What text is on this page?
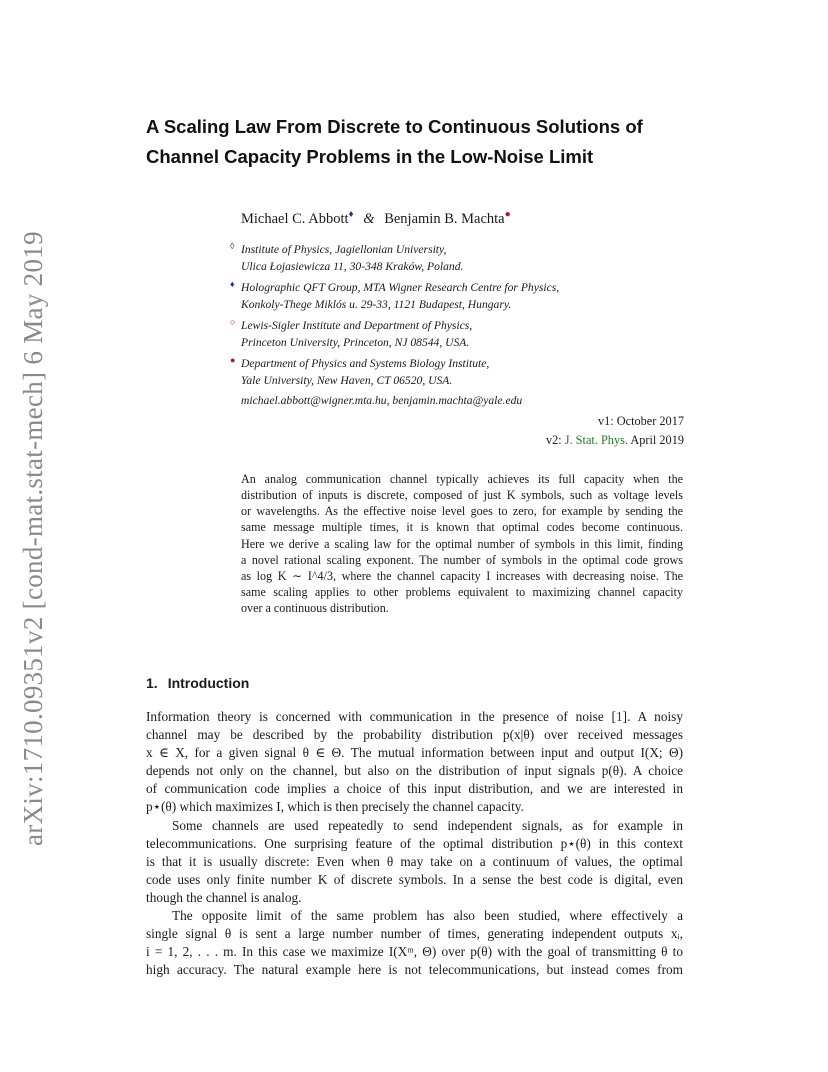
arXiv:1710.09351v2 [cond-mat.stat-mech] 6 May 2019
A Scaling Law From Discrete to Continuous Solutions of
Channel Capacity Problems in the Low-Noise Limit
Michael C. Abbott♦ & Benjamin B. Machta●
◊ Institute of Physics, Jagiellonian University,
Ulica Łojasiewicza 11, 30-348 Kraków, Poland.
♦ Holographic QFT Group, MTA Wigner Research Centre for Physics,
Konkoly-Thege Miklós u. 29-33, 1121 Budapest, Hungary.
○ Lewis-Sigler Institute and Department of Physics,
Princeton University, Princeton, NJ 08544, USA.
● Department of Physics and Systems Biology Institute,
Yale University, New Haven, CT 06520, USA.
michael.abbott@wigner.mta.hu, benjamin.machta@yale.edu
v1: October 2017
v2: J. Stat. Phys. April 2019
An analog communication channel typically achieves its full capacity when the
distribution of inputs is discrete, composed of just K symbols, such as voltage levels
or wavelengths. As the effective noise level goes to zero, for example by sending the
same message multiple times, it is known that optimal codes become continuous.
Here we derive a scaling law for the optimal number of symbols in this limit, finding
a novel rational scaling exponent. The number of symbols in the optimal code grows
as log K ∼ I^4/3, where the channel capacity I increases with decreasing noise. The
same scaling applies to other problems equivalent to maximizing channel capacity
over a continuous distribution.
1. Introduction
Information theory is concerned with communication in the presence of noise [1]. A noisy
channel may be described by the probability distribution p(x|θ) over received messages
x ∈ X, for a given signal θ ∈ Θ. The mutual information between input and output I(X; Θ)
depends not only on the channel, but also on the distribution of input signals p(θ). A choice
of communication code implies a choice of this input distribution, and we are interested in
p⋆(θ) which maximizes I, which is then precisely the channel capacity.
Some channels are used repeatedly to send independent signals, as for example in
telecommunications. One surprising feature of the optimal distribution p⋆(θ) in this context
is that it is usually discrete: Even when θ may take on a continuum of values, the optimal
code uses only finite number K of discrete symbols. In a sense the best code is digital, even
though the channel is analog.
The opposite limit of the same problem has also been studied, where effectively a
single signal θ is sent a large number number of times, generating independent outputs xᵢ,
i = 1, 2, . . . m. In this case we maximize I(Xᵐ, Θ) over p(θ) with the goal of transmitting θ to
high accuracy. The natural example here is not telecommunications, but instead comes from
